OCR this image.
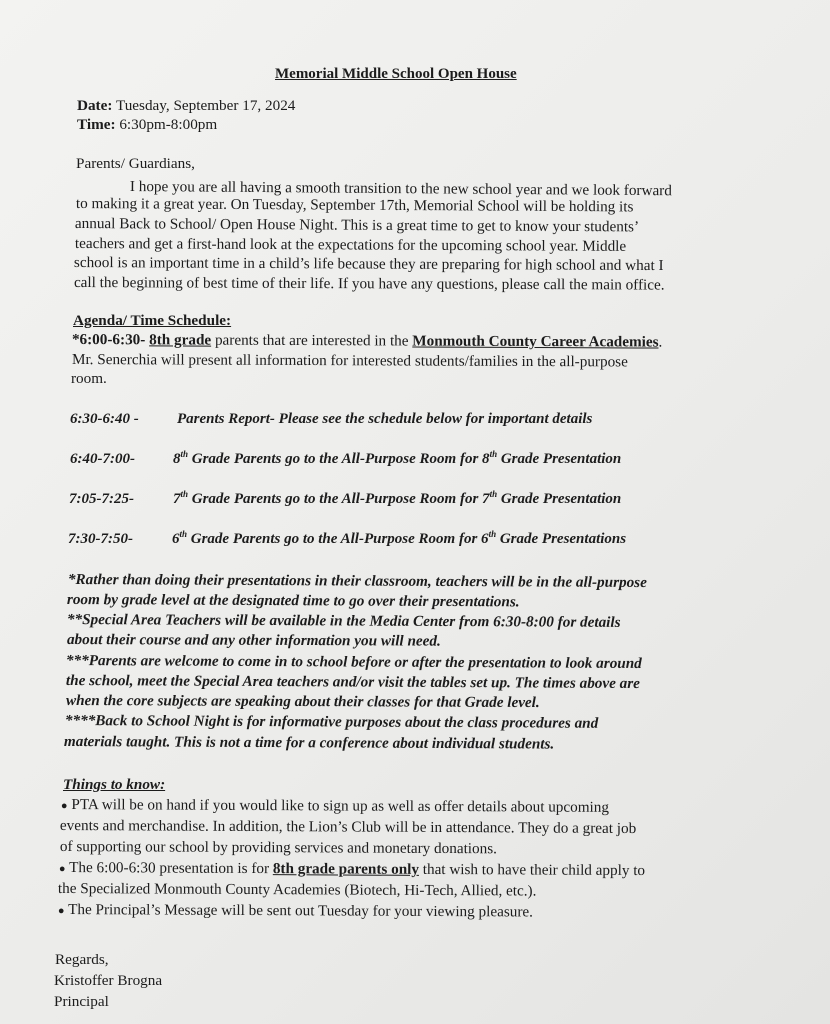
Memorial Middle School Open House
Date: Tuesday, September 17, 2024
Time: 6:30pm-8:00pm
Parents/ Guardians,
I hope you are all having a smooth transition to the new school year and we look forward
to making it a great year. On Tuesday, September 17th, Memorial School will be holding its
annual Back to School/ Open House Night. This is a great time to get to know your students’
teachers and get a first-hand look at the expectations for the upcoming school year. Middle
school is an important time in a child’s life because they are preparing for high school and what I
call the beginning of best time of their life. If you have any questions, please call the main office.
Agenda/ Time Schedule:
*6:00-6:30- 8th grade parents that are interested in the Monmouth County Career Academies.
Mr. Senerchia will present all information for interested students/families in the all-purpose
room.
6:30-6:40 -	Parents Report- Please see the schedule below for important details
6:40-7:00-	8th Grade Parents go to the All-Purpose Room for 8th Grade Presentation
7:05-7:25-	7th Grade Parents go to the All-Purpose Room for 7th Grade Presentation
7:30-7:50-	6th Grade Parents go to the All-Purpose Room for 6th Grade Presentations
*Rather than doing their presentations in their classroom, teachers will be in the all-purpose
room by grade level at the designated time to go over their presentations.
**Special Area Teachers will be available in the Media Center from 6:30-8:00 for details
about their course and any other information you will need.
***Parents are welcome to come in to school before or after the presentation to look around
the school, meet the Special Area teachers and/or visit the tables set up. The times above are
when the core subjects are speaking about their classes for that Grade level.
****Back to School Night is for informative purposes about the class procedures and
materials taught. This is not a time for a conference about individual students.
Things to know:
● PTA will be on hand if you would like to sign up as well as offer details about upcoming
events and merchandise. In addition, the Lion’s Club will be in attendance. They do a great job
of supporting our school by providing services and monetary donations.
● The 6:00-6:30 presentation is for 8th grade parents only that wish to have their child apply to
the Specialized Monmouth County Academies (Biotech, Hi-Tech, Allied, etc.).
● The Principal’s Message will be sent out Tuesday for your viewing pleasure.
Regards,
Kristoffer Brogna
Principal
